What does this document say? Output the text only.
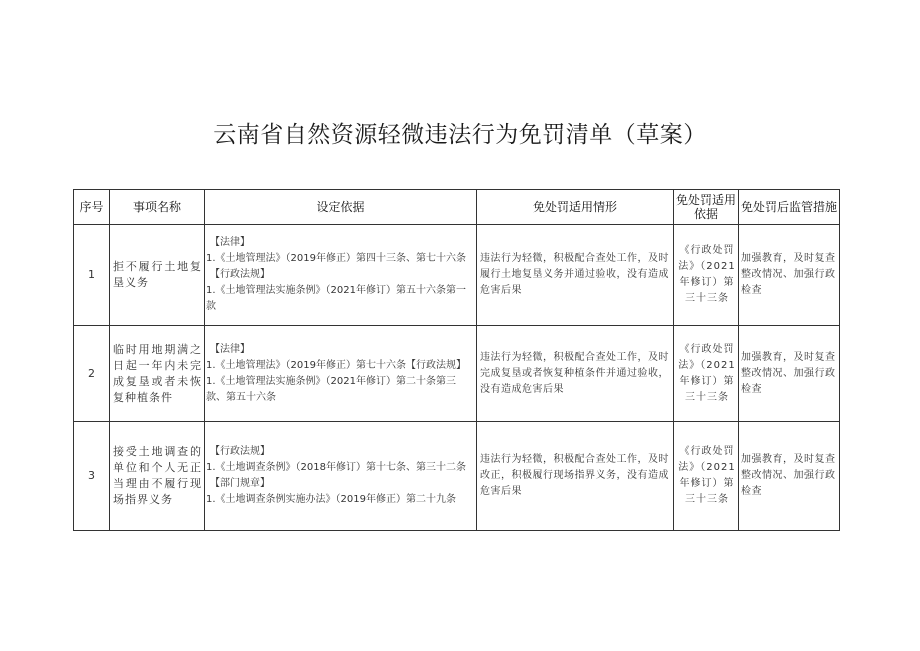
云南省自然资源轻微违法行为免罚清单（草案）
序号	事项名称	设定依据	免处罚适用情形	免处罚适用依据	免处罚后监管措施
1	拒不履行土地复垦义务	【法律】
1.《土地管理法》（2019年修正）第四十三条、第七十六条
【行政法规】
1.《土地管理法实施条例》（2021年修订）第五十六条第一款	违法行为轻微，积极配合查处工作，及时履行土地复垦义务并通过验收，没有造成危害后果	《行政处罚法》（2021年修订）第三十三条	加强教育，及时复查整改情况、加强行政检查
2	临时用地期满之日起一年内未完成复垦或者未恢复种植条件	【法律】
1.《土地管理法》（2019年修正）第七十六条【行政法规】
1.《土地管理法实施条例》（2021年修订）第二十条第三款、第五十六条	违法行为轻微，积极配合查处工作，及时完成复垦或者恢复种植条件并通过验收，没有造成危害后果	《行政处罚法》（2021年修订）第三十三条	加强教育，及时复查整改情况、加强行政检查
3	接受土地调查的单位和个人无正当理由不履行现场指界义务	【行政法规】
1.《土地调查条例》（2018年修订）第十七条、第三十二条
【部门规章】
1.《土地调查条例实施办法》（2019年修正）第二十九条	违法行为轻微，积极配合查处工作，及时改正，积极履行现场指界义务，没有造成危害后果	《行政处罚法》（2021年修订）第三十三条	加强教育，及时复查整改情况、加强行政检查
